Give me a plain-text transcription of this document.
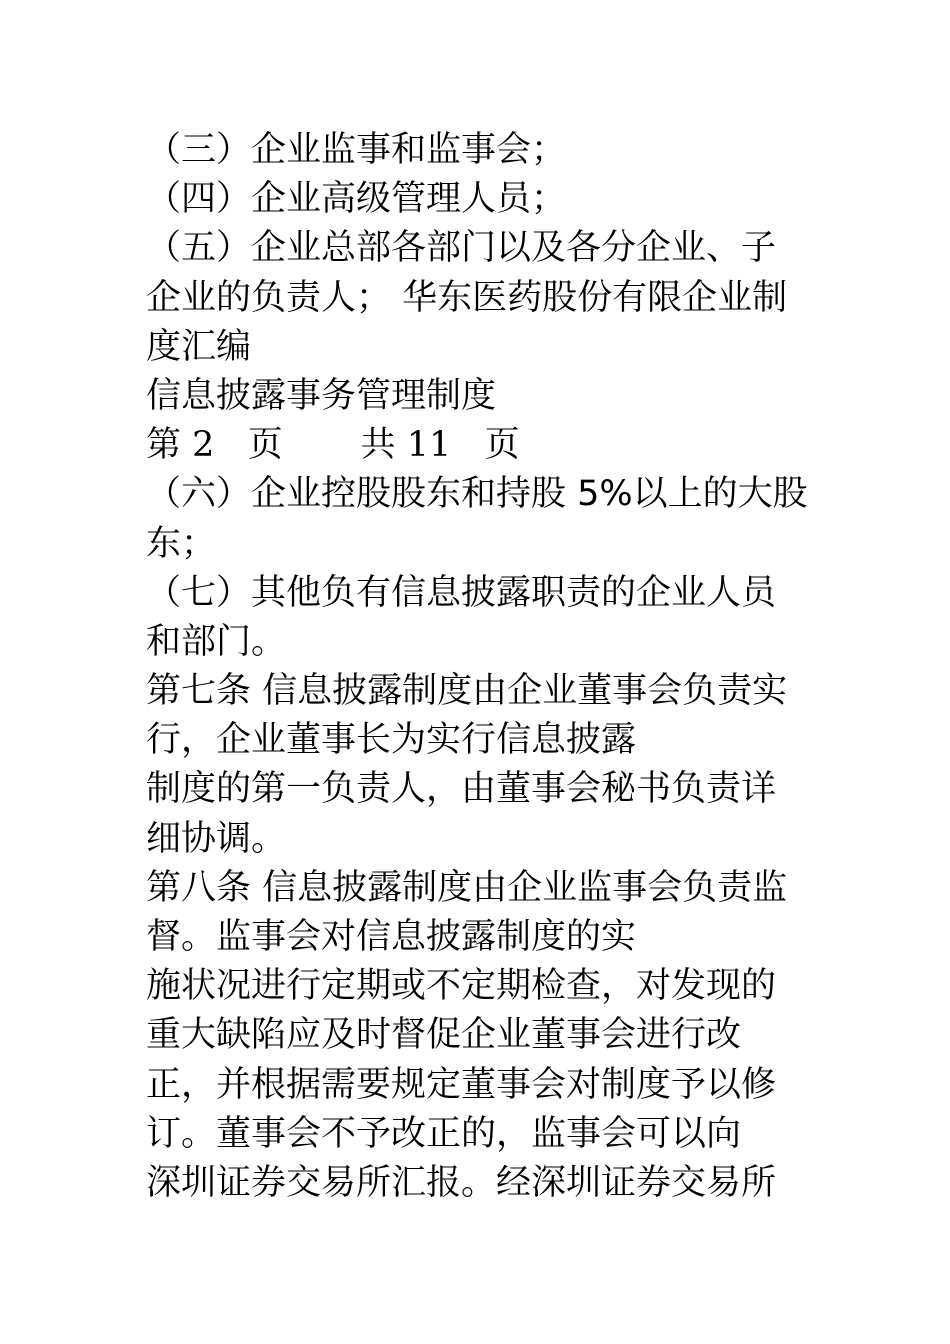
（三）企业监事和监事会；
（四）企业高级管理人员；
（五）企业总部各部门以及各分企业、子
企业的负责人； 华东医药股份有限企业制
度汇编
信息披露事务管理制度
第 2   页       共 11   页
（六）企业控股股东和持股 5%以上的大股
东；
（七）其他负有信息披露职责的企业人员
和部门。
第七条 信息披露制度由企业董事会负责实
行，企业董事长为实行信息披露
制度的第一负责人，由董事会秘书负责详
细协调。
第八条 信息披露制度由企业监事会负责监
督。监事会对信息披露制度的实
施状况进行定期或不定期检查，对发现的
重大缺陷应及时督促企业董事会进行改
正，并根据需要规定董事会对制度予以修
订。董事会不予改正的，监事会可以向
深圳证券交易所汇报。经深圳证券交易所
